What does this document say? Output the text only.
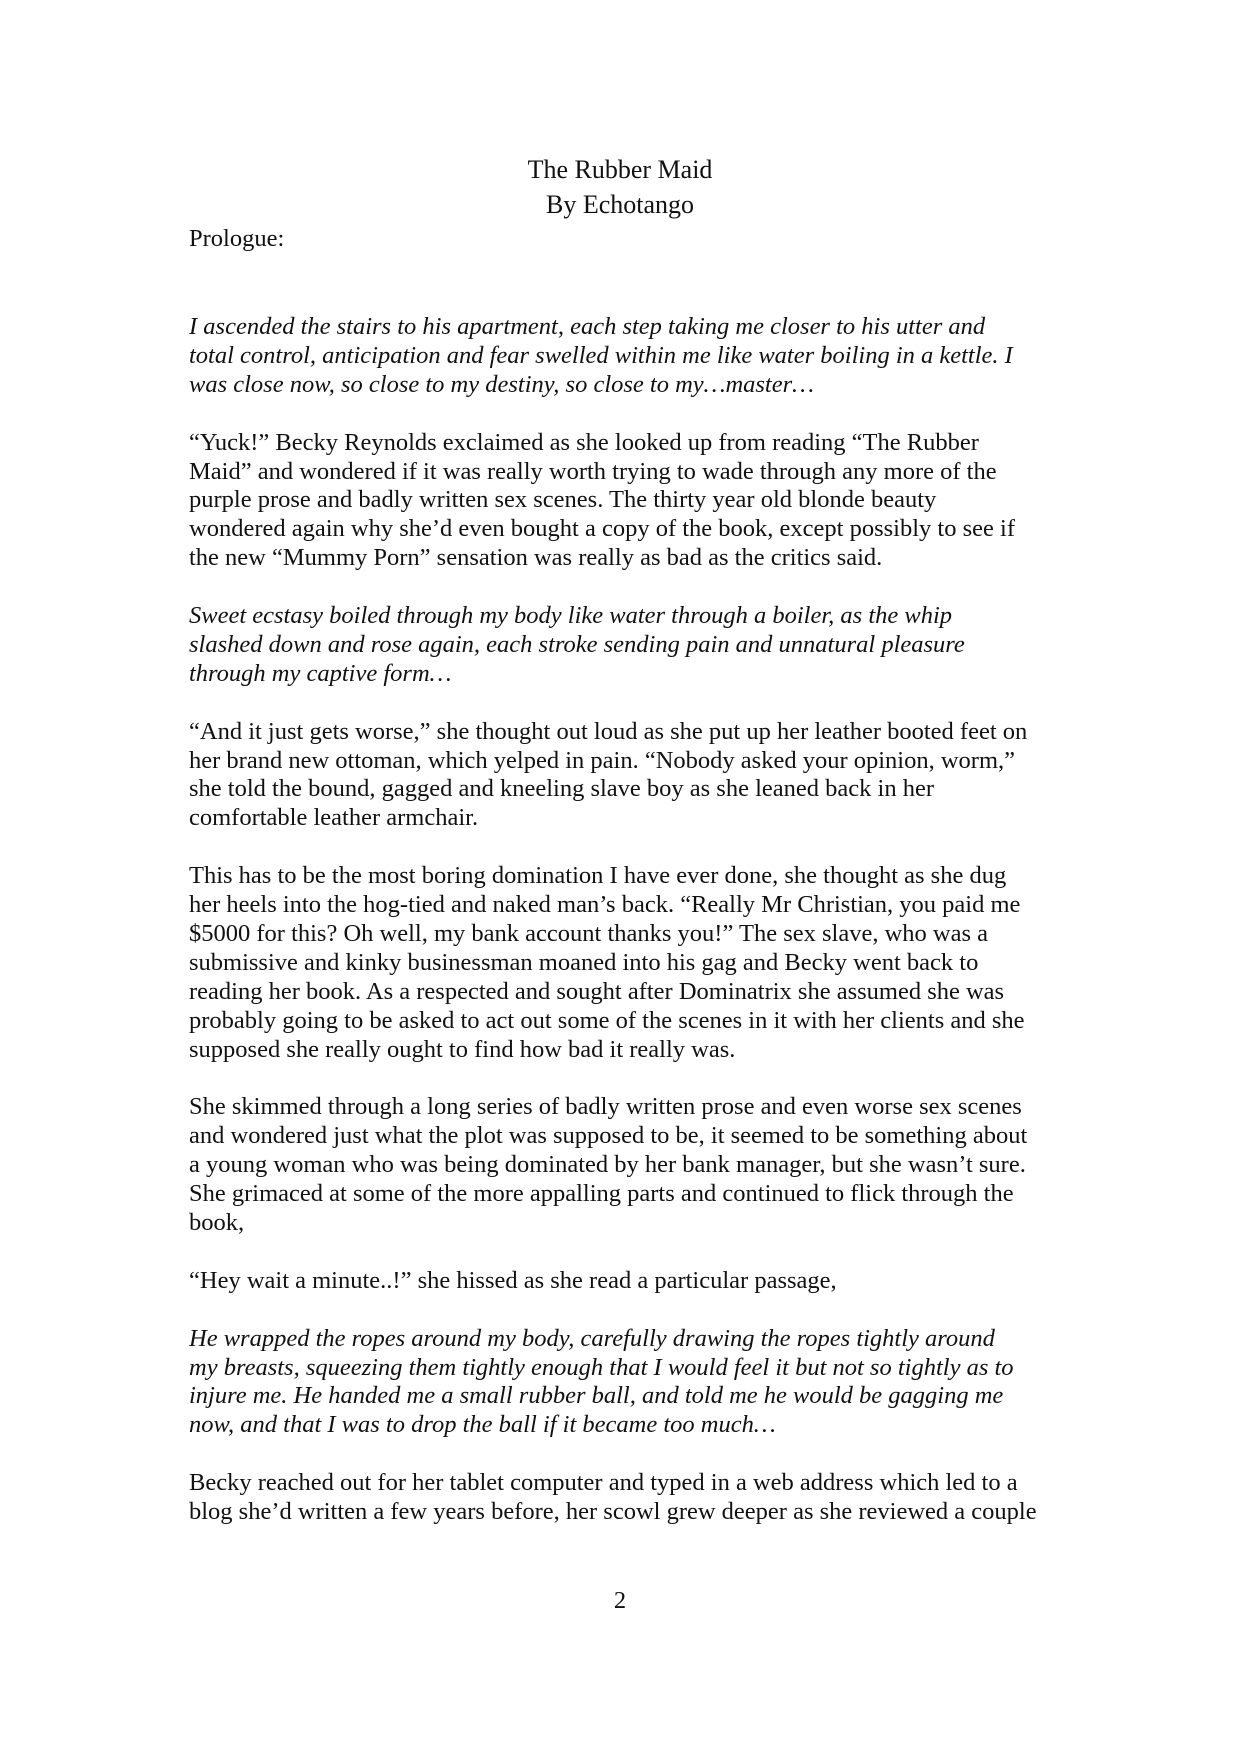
The Rubber Maid
By Echotango
Prologue:

I ascended the stairs to his apartment, each step taking me closer to his utter and
total control, anticipation and fear swelled within me like water boiling in a kettle. I
was close now, so close to my destiny, so close to my…master…

“Yuck!” Becky Reynolds exclaimed as she looked up from reading “The Rubber
Maid” and wondered if it was really worth trying to wade through any more of the
purple prose and badly written sex scenes. The thirty year old blonde beauty
wondered again why she’d even bought a copy of the book, except possibly to see if
the new “Mummy Porn” sensation was really as bad as the critics said.

Sweet ecstasy boiled through my body like water through a boiler, as the whip
slashed down and rose again, each stroke sending pain and unnatural pleasure
through my captive form…

“And it just gets worse,” she thought out loud as she put up her leather booted feet on
her brand new ottoman, which yelped in pain. “Nobody asked your opinion, worm,”
she told the bound, gagged and kneeling slave boy as she leaned back in her
comfortable leather armchair.

This has to be the most boring domination I have ever done, she thought as she dug
her heels into the hog-tied and naked man’s back. “Really Mr Christian, you paid me
$5000 for this? Oh well, my bank account thanks you!” The sex slave, who was a
submissive and kinky businessman moaned into his gag and Becky went back to
reading her book. As a respected and sought after Dominatrix she assumed she was
probably going to be asked to act out some of the scenes in it with her clients and she
supposed she really ought to find how bad it really was.

She skimmed through a long series of badly written prose and even worse sex scenes
and wondered just what the plot was supposed to be, it seemed to be something about
a young woman who was being dominated by her bank manager, but she wasn’t sure.
She grimaced at some of the more appalling parts and continued to flick through the
book,

“Hey wait a minute..!” she hissed as she read a particular passage,

He wrapped the ropes around my body, carefully drawing the ropes tightly around
my breasts, squeezing them tightly enough that I would feel it but not so tightly as to
injure me. He handed me a small rubber ball, and told me he would be gagging me
now, and that I was to drop the ball if it became too much…

Becky reached out for her tablet computer and typed in a web address which led to a
blog she’d written a few years before, her scowl grew deeper as she reviewed a couple

2
